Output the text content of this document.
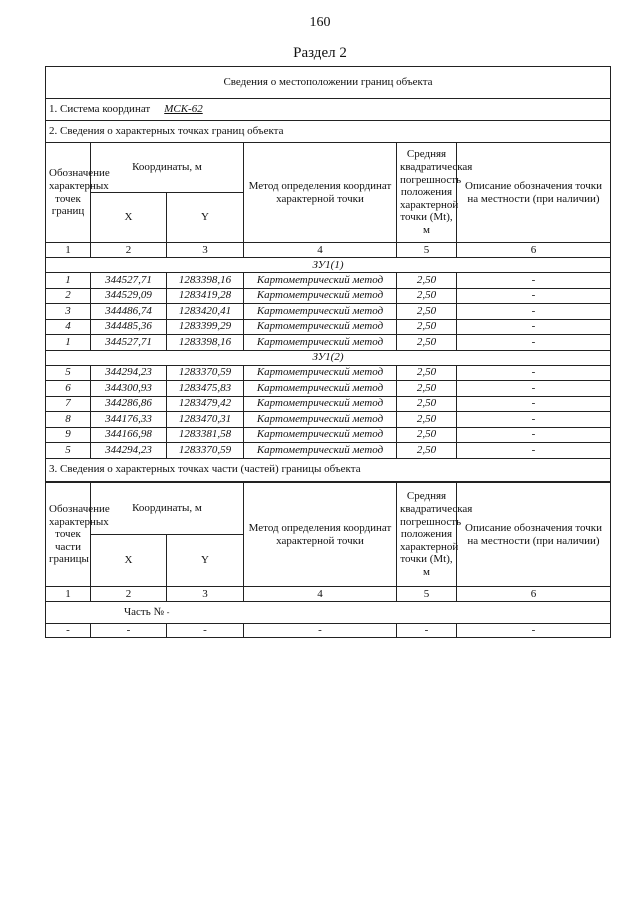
160
Раздел 2
Сведения о местоположении границ объекта					
1. Система координат МСК-62					
2. Сведения о характерных точках границ объекта					
Обозначение характерных точек границ	Координаты, м		Метод определения координат характерной точки	Средняя квадратическая погрешность положения характерной точки (Mt), м	Описание обозначения точки на местности (при наличии)
	X	Y			
1	2	3	4	5	6
ЗУ1(1)					
1	344527,71	1283398,16	Картометрический метод	2,50	-
2	344529,09	1283419,28	Картометрический метод	2,50	-
3	344486,74	1283420,41	Картометрический метод	2,50	-
4	344485,36	1283399,29	Картометрический метод	2,50	-
1	344527,71	1283398,16	Картометрический метод	2,50	-
ЗУ1(2)					
5	344294,23	1283370,59	Картометрический метод	2,50	-
6	344300,93	1283475,83	Картометрический метод	2,50	-
7	344286,86	1283479,42	Картометрический метод	2,50	-
8	344176,33	1283470,31	Картометрический метод	2,50	-
9	344166,98	1283381,58	Картометрический метод	2,50	-
5	344294,23	1283370,59	Картометрический метод	2,50	-
3. Сведения о характерных точках части (частей) границы объекта					
Обозначение характерных точек части границы	Координаты, м		Метод определения координат характерной точки	Средняя квадратическая погрешность положения характерной точки (Mt), м	Описание обозначения точки на местности (при наличии)
	X	Y			
1	2	3	4	5	6
Часть № -					
-	-	-	-	-	-
